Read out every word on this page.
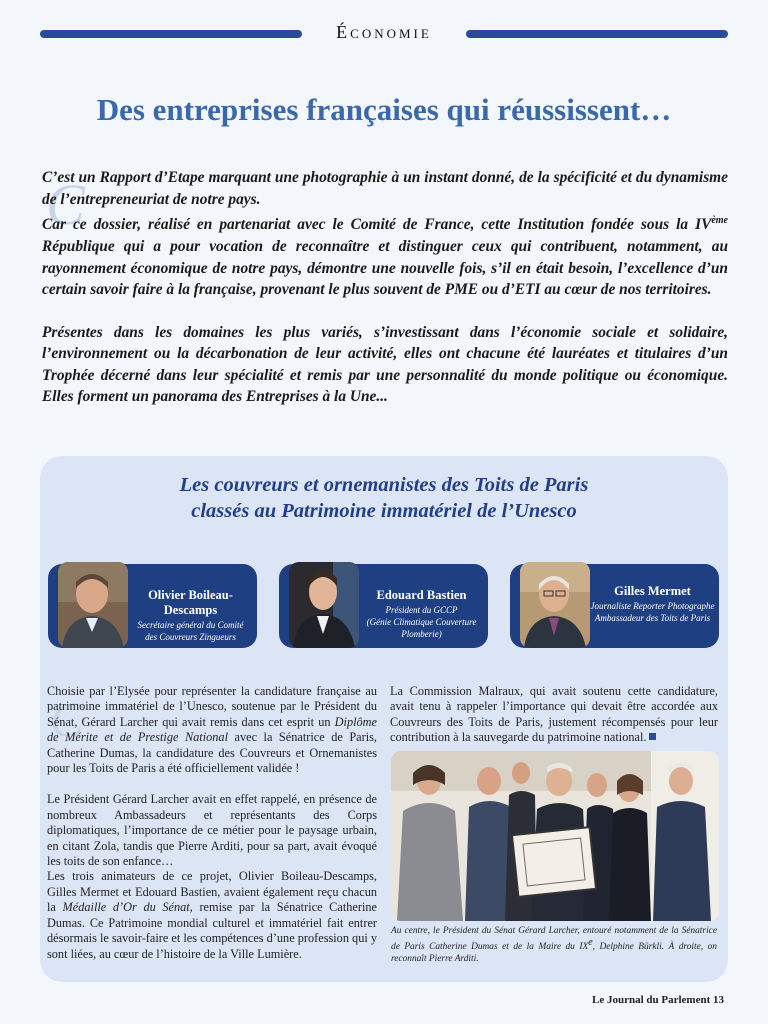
Économie
Des entreprises françaises qui réussissent…
C

C’est un Rapport d’Etape marquant une photographie à un instant donné, de la spécificité et du dynamisme de l’entrepreneuriat de notre pays.
Car ce dossier, réalisé en partenariat avec le Comité de France, cette Institution fondée sous la IVème République qui a pour vocation de reconnaître et distinguer ceux qui contribuent, notamment, au rayonnement économique de notre pays, démontre une nouvelle fois, s’il en était besoin, l’excellence d’un certain savoir faire à la française, provenant le plus souvent de PME ou d’ETI au cœur de nos territoires.

Présentes dans les domaines les plus variés, s’investissant dans l’économie sociale et solidaire, l’environnement ou la décarbonation de leur activité, elles ont chacune été lauréates et titulaires d’un Trophée décerné dans leur spécialité et remis par une personnalité du monde politique ou économique. Elles forment un panorama des Entreprises à la Une...

Les couvreurs et ornemanistes des Toits de Paris
classés au Patrimoine immatériel de l’Unesco
Olivier Boileau-Descamps
Secrétaire général du Comité
des Couvreurs Zingueurs
Edouard Bastien
Président du GCCP
(Génie Climatique Couverture Plomberie)
Gilles Mermet
Journaliste Reporter Photographe
Ambassadeur des Toits de Paris
C

Choisie par l’Elysée pour représenter la candidature française au patrimoine immatériel de l’Unesco, soutenue par le Président du Sénat, Gérard Larcher qui avait remis dans cet esprit un Diplôme de Mérite et de Prestige National avec la Sénatrice de Paris, Catherine Dumas, la candidature des Couvreurs et Ornemanistes pour les Toits de Paris a été officiellement validée !

Le Président Gérard Larcher avait en effet rappelé, en présence de nombreux Ambassadeurs et représentants des Corps diplomatiques, l’importance de ce métier pour le paysage urbain, en citant Zola, tandis que Pierre Arditi, pour sa part, avait évoqué les toits de son enfance…

Les trois animateurs de ce projet, Olivier Boileau-Descamps, Gilles Mermet et Edouard Bastien, avaient également reçu chacun la Médaille d’Or du Sénat, remise par la Sénatrice Catherine Dumas. Ce Patrimoine mondial culturel et immatériel fait entrer désormais le savoir-faire et les compétences d’une profession qui y sont liées, au cœur de l’histoire de la Ville Lumière.

La Commission Malraux, qui avait soutenu cette candidature, avait tenu à rappeler l’importance qui devait être accordée aux Couvreurs des Toits de Paris, justement récompensés pour leur contribution à la sauvegarde du patrimoine national.

Au centre, le Président du Sénat Gérard Larcher, entouré notamment de la Sénatrice de Paris Catherine Dumas et de la Maire du IXe, Delphine Bürkli. À droite, on reconnaît Pierre Arditi.
Le Journal du Parlement 13
